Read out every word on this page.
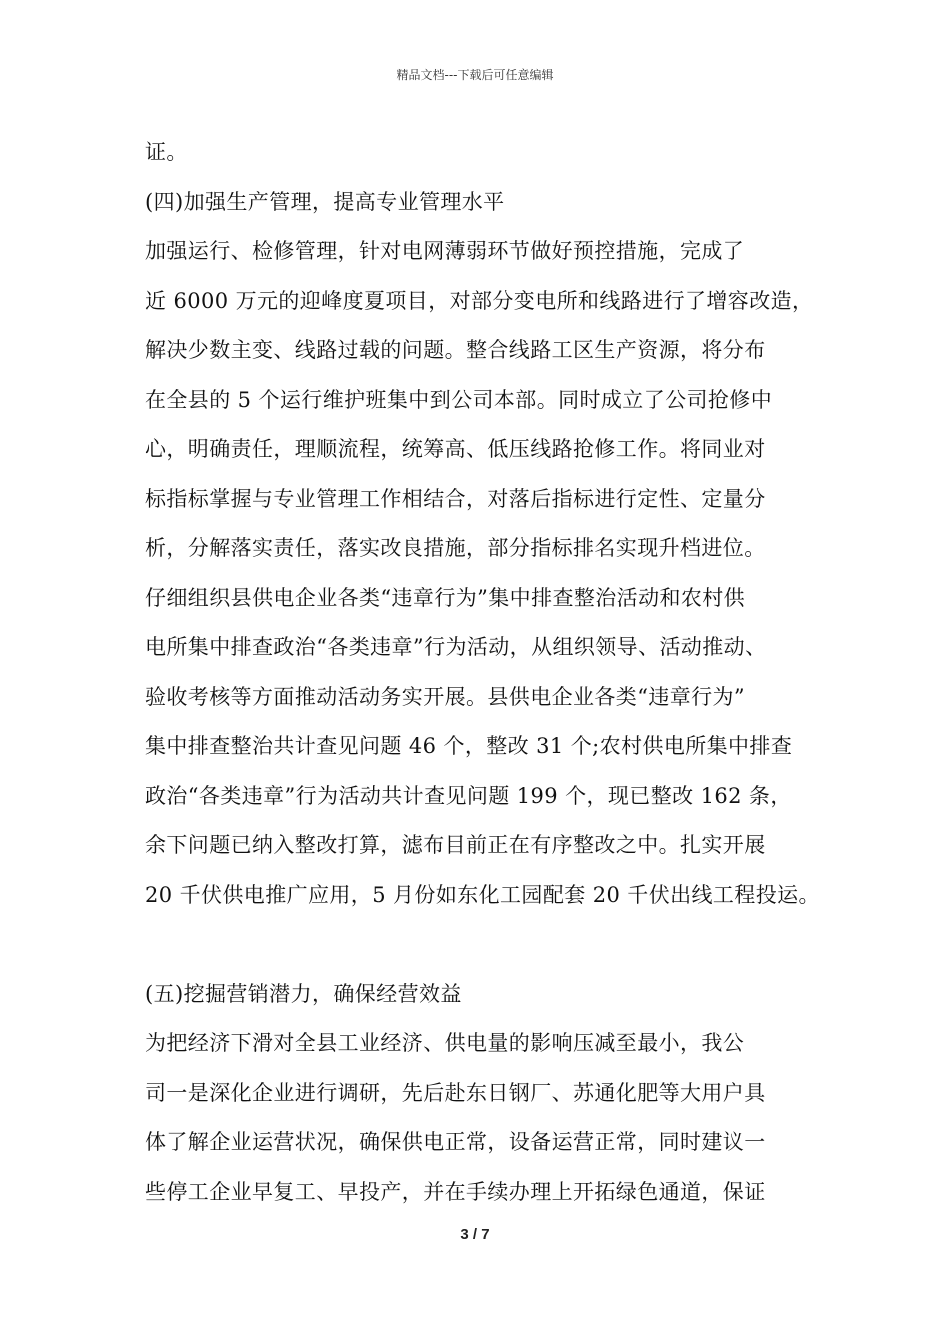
精品文档---下载后可任意编辑
证。
(四)加强生产管理，提高专业管理水平
加强运行、检修管理，针对电网薄弱环节做好预控措施，完成了
近 6000 万元的迎峰度夏项目，对部分变电所和线路进行了增容改造，
解决少数主变、线路过载的问题。整合线路工区生产资源，将分布
在全县的 5 个运行维护班集中到公司本部。同时成立了公司抢修中
心，明确责任，理顺流程，统筹高、低压线路抢修工作。将同业对
标指标掌握与专业管理工作相结合，对落后指标进行定性、定量分
析，分解落实责任，落实改良措施，部分指标排名实现升档进位。
仔细组织县供电企业各类“违章行为”集中排查整治活动和农村供
电所集中排查政治“各类违章”行为活动，从组织领导、活动推动、
验收考核等方面推动活动务实开展。县供电企业各类“违章行为”
集中排查整治共计查见问题 46 个，整改 31 个;农村供电所集中排查
政治“各类违章”行为活动共计查见问题 199 个，现已整改 162 条，
余下问题已纳入整改打算，滤布目前正在有序整改之中。扎实开展
20 千伏供电推广应用，5 月份如东化工园配套 20 千伏出线工程投运。
(五)挖掘营销潜力，确保经营效益
为把经济下滑对全县工业经济、供电量的影响压减至最小，我公
司一是深化企业进行调研，先后赴东日钢厂、苏通化肥等大用户具
体了解企业运营状况，确保供电正常，设备运营正常，同时建议一
些停工企业早复工、早投产，并在手续办理上开拓绿色通道，保证
3 / 7
